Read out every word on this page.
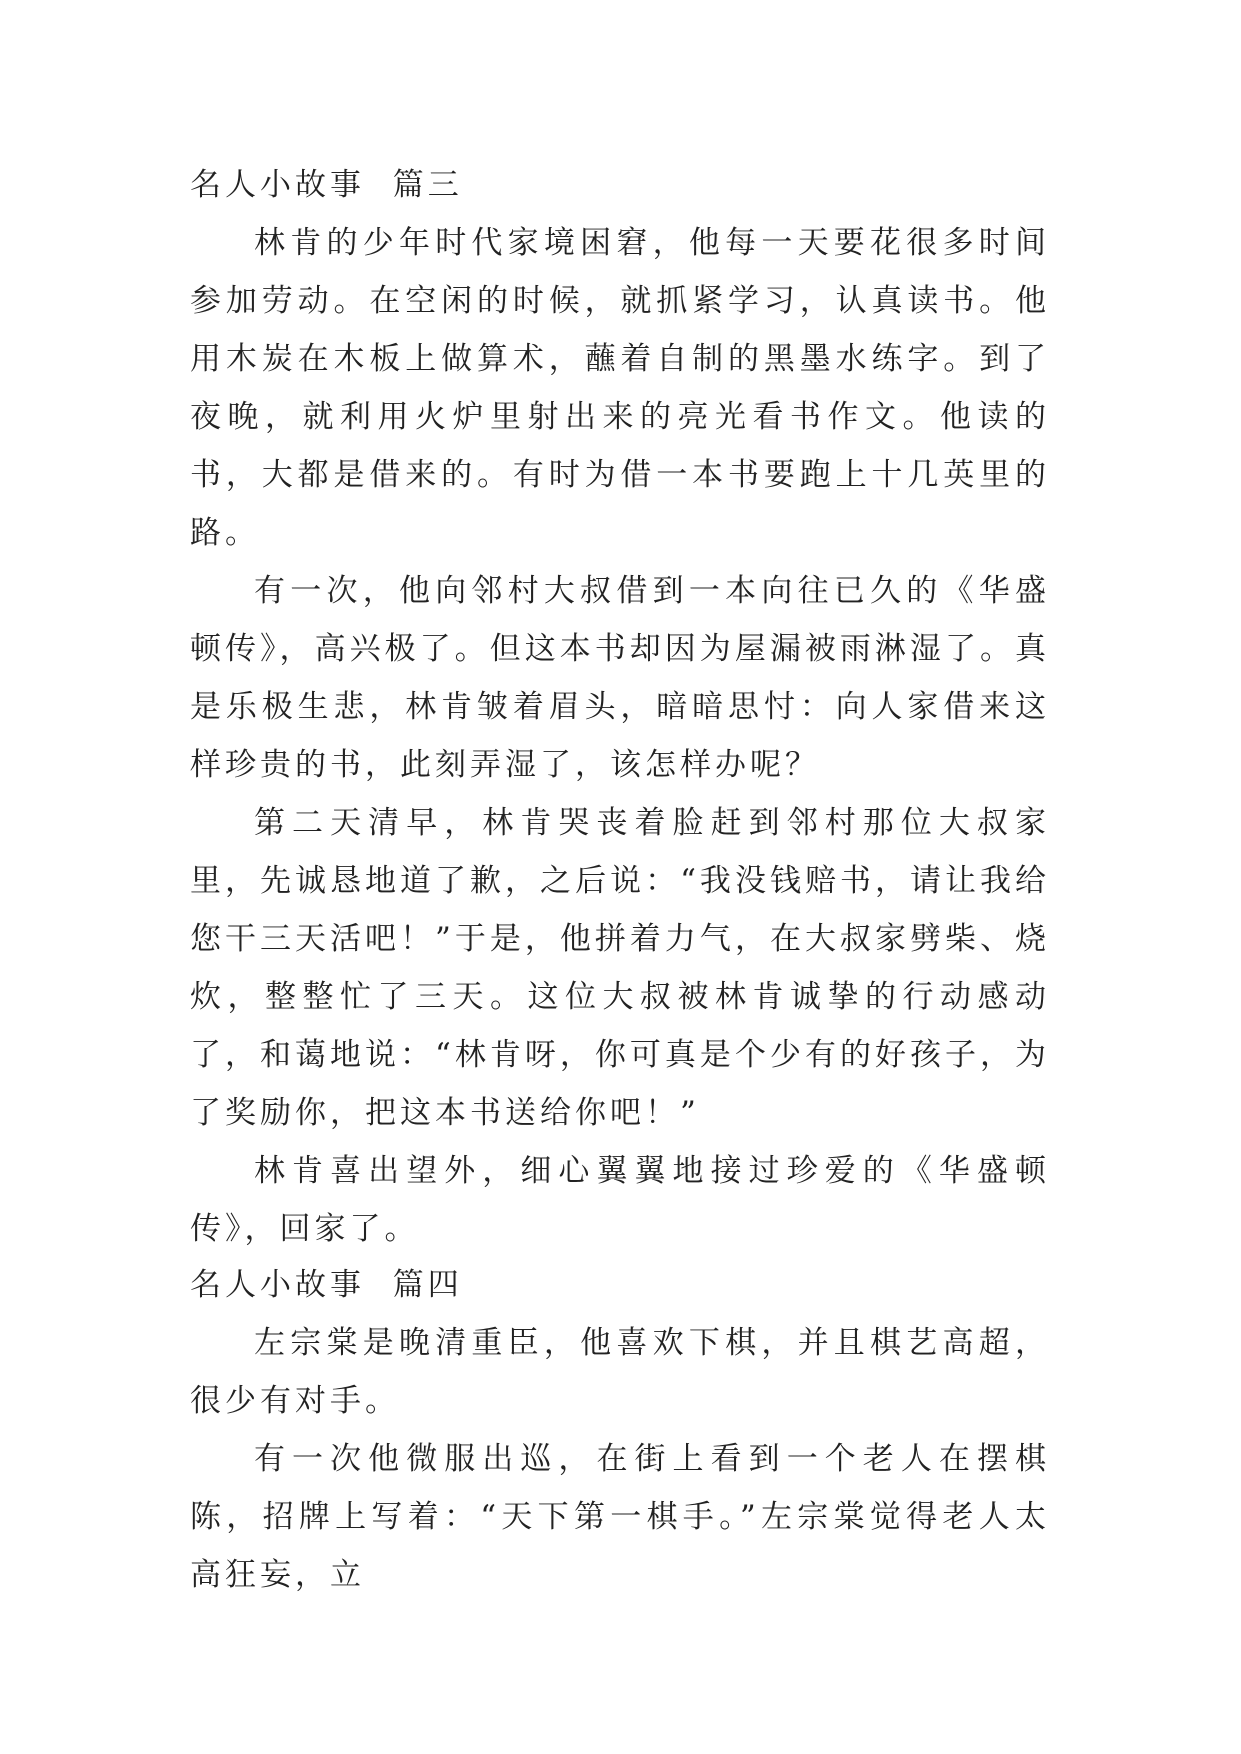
名人小故事  篇三

林肯的少年时代家境困窘，他每一天要花很多时间参加劳动。在空闲的时候，就抓紧学习，认真读书。他用木炭在木板上做算术，蘸着自制的黑墨水练字。到了夜晚，就利用火炉里射出来的亮光看书作文。他读的书，大都是借来的。有时为借一本书要跑上十几英里的路。

有一次，他向邻村大叔借到一本向往已久的《华盛顿传》，高兴极了。但这本书却因为屋漏被雨淋湿了。真是乐极生悲，林肯皱着眉头，暗暗思忖：向人家借来这样珍贵的书，此刻弄湿了，该怎样办呢？

第二天清早，林肯哭丧着脸赶到邻村那位大叔家里，先诚恳地道了歉，之后说：“我没钱赔书，请让我给您干三天活吧！”于是，他拼着力气，在大叔家劈柴、烧炊，整整忙了三天。这位大叔被林肯诚挚的行动感动了，和蔼地说：“林肯呀，你可真是个少有的好孩子，为了奖励你，把这本书送给你吧！”

林肯喜出望外，细心翼翼地接过珍爱的《华盛顿传》，回家了。

名人小故事  篇四

左宗棠是晚清重臣，他喜欢下棋，并且棋艺高超，很少有对手。

有一次他微服出巡，在街上看到一个老人在摆棋陈，招牌上写着：“天下第一棋手。”左宗棠觉得老人太高狂妄，立
